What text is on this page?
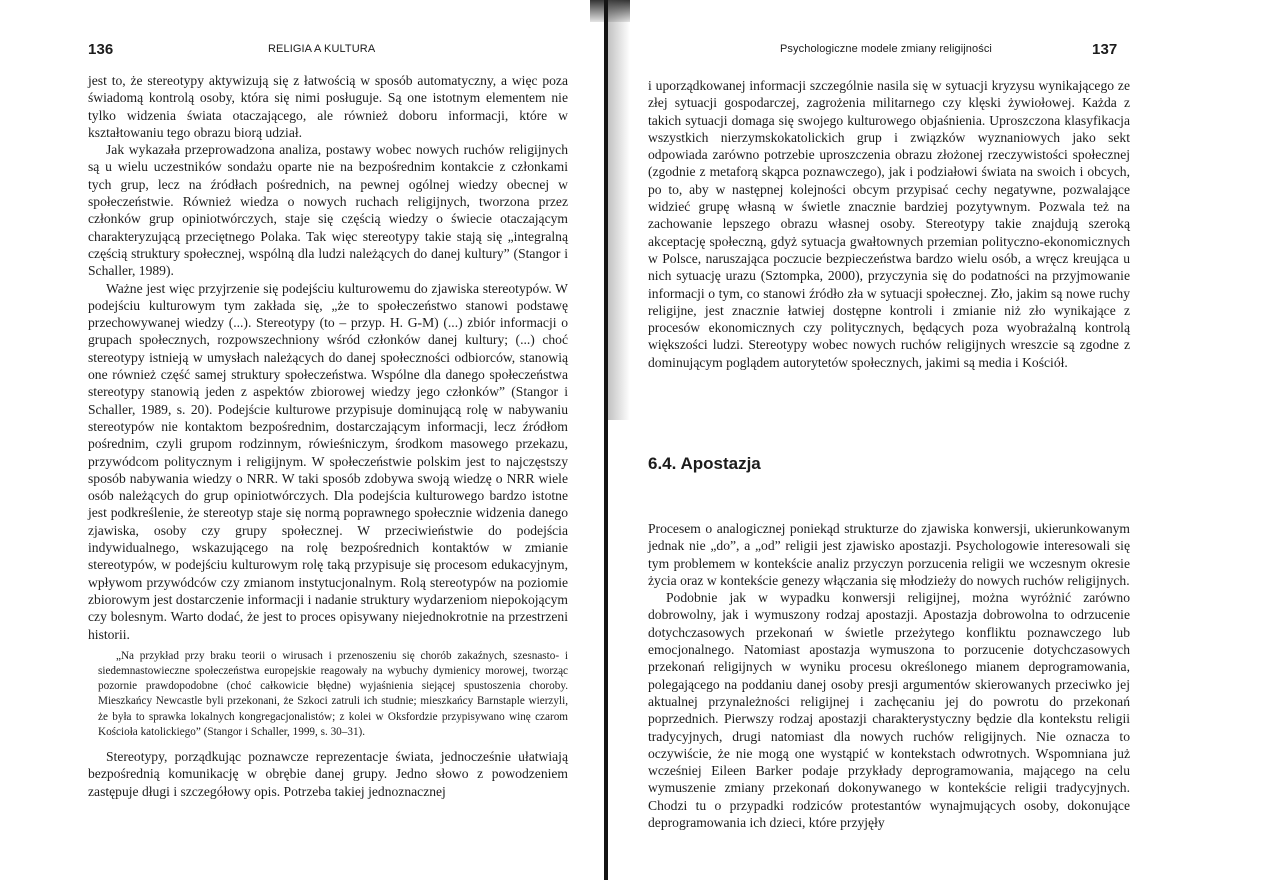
136	RELIGIA A KULTURA

jest to, że stereotypy aktywizują się z łatwością w sposób automatyczny, a więc poza świadomą kontrolą osoby, która się nimi posługuje. Są one istotnym elementem nie tylko widzenia świata otaczającego, ale również doboru informacji, które w kształtowaniu tego obrazu biorą udział.

Jak wykazała przeprowadzona analiza, postawy wobec nowych ruchów religijnych są u wielu uczestników sondażu oparte nie na bezpośrednim kontakcie z członkami tych grup, lecz na źródłach pośrednich, na pewnej ogólnej wiedzy obecnej w społeczeństwie. Również wiedza o nowych ruchach religijnych, tworzona przez członków grup opiniotwórczych, staje się częścią wiedzy o świecie otaczającym charakteryzującą przeciętnego Polaka. Tak więc stereotypy takie stają się „integralną częścią struktury społecznej, wspólną dla ludzi należących do danej kultury” (Stangor i Schaller, 1989).

Ważne jest więc przyjrzenie się podejściu kulturowemu do zjawiska stereotypów. W podejściu kulturowym tym zakłada się, „że to społeczeństwo stanowi podstawę przechowywanej wiedzy (...). Stereotypy (to – przyp. H. G-M) (...) zbiór informacji o grupach społecznych, rozpowszechniony wśród członków danej kultury; (...) choć stereotypy istnieją w umysłach należących do danej społeczności odbiorców, stanowią one również część samej struktury społeczeństwa. Wspólne dla danego społeczeństwa stereotypy stanowią jeden z aspektów zbiorowej wiedzy jego członków” (Stangor i Schaller, 1989, s. 20). Podejście kulturowe przypisuje dominującą rolę w nabywaniu stereotypów nie kontaktom bezpośrednim, dostarczającym informacji, lecz źródłom pośrednim, czyli grupom rodzinnym, rówieśniczym, środkom masowego przekazu, przywódcom politycznym i religijnym. W społeczeństwie polskim jest to najczęstszy sposób nabywania wiedzy o NRR. W taki sposób zdobywa swoją wiedzę o NRR wiele osób należących do grup opiniotwórczych. Dla podejścia kulturowego bardzo istotne jest podkreślenie, że stereotyp staje się normą poprawnego społecznie widzenia danego zjawiska, osoby czy grupy społecznej. W przeciwieństwie do podejścia indywidualnego, wskazującego na rolę bezpośrednich kontaktów w zmianie stereotypów, w podejściu kulturowym rolę taką przypisuje się procesom edukacyjnym, wpływom przywódców czy zmianom instytucjonalnym. Rolą stereotypów na poziomie zbiorowym jest dostarczenie informacji i nadanie struktury wydarzeniom niepokojącym czy bolesnym. Warto dodać, że jest to proces opisywany niejednokrotnie na przestrzeni historii.

„Na przykład przy braku teorii o wirusach i przenoszeniu się chorób zakaźnych, szesnasto- i siedemnastowieczne społeczeństwa europejskie reagowały na wybuchy dymienicy morowej, tworząc pozornie prawdopodobne (choć całkowicie błędne) wyjaśnienia siejącej spustoszenia choroby. Mieszkańcy Newcastle byli przekonani, że Szkoci zatruli ich studnie; mieszkańcy Barnstaple wierzyli, że była to sprawka lokalnych kongregacjonalistów; z kolei w Oksfordzie przypisywano winę czarom Kościoła katolickiego” (Stangor i Schaller, 1999, s. 30–31).

Stereotypy, porządkując poznawcze reprezentacje świata, jednocześnie ułatwiają bezpośrednią komunikację w obrębie danej grupy. Jedno słowo z powodzeniem zastępuje długi i szczegółowy opis. Potrzeba takiej jednoznacznej

Psychologiczne modele zmiany religijności	137

i uporządkowanej informacji szczególnie nasila się w sytuacji kryzysu wynikającego ze złej sytuacji gospodarczej, zagrożenia militarnego czy klęski żywiołowej. Każda z takich sytuacji domaga się swojego kulturowego objaśnienia. Uproszczona klasyfikacja wszystkich nierzymskokatolickich grup i związków wyznaniowych jako sekt odpowiada zarówno potrzebie uproszczenia obrazu złożonej rzeczywistości społecznej (zgodnie z metaforą skąpca poznawczego), jak i podziałowi świata na swoich i obcych, po to, aby w następnej kolejności obcym przypisać cechy negatywne, pozwalające widzieć grupę własną w świetle znacznie bardziej pozytywnym. Pozwala też na zachowanie lepszego obrazu własnej osoby. Stereotypy takie znajdują szeroką akceptację społeczną, gdyż sytuacja gwałtownych przemian polityczno-ekonomicznych w Polsce, naruszająca poczucie bezpieczeństwa bardzo wielu osób, a wręcz kreująca u nich sytuację urazu (Sztompka, 2000), przyczynia się do podatności na przyjmowanie informacji o tym, co stanowi źródło zła w sytuacji społecznej. Zło, jakim są nowe ruchy religijne, jest znacznie łatwiej dostępne kontroli i zmianie niż zło wynikające z procesów ekonomicznych czy politycznych, będących poza wyobrażalną kontrolą większości ludzi. Stereotypy wobec nowych ruchów religijnych wreszcie są zgodne z dominującym poglądem autorytetów społecznych, jakimi są media i Kościół.

6.4. Apostazja

Procesem o analogicznej poniekąd strukturze do zjawiska konwersji, ukierunkowanym jednak nie „do”, a „od” religii jest zjawisko apostazji. Psychologowie interesowali się tym problemem w kontekście analiz przyczyn porzucenia religii we wczesnym okresie życia oraz w kontekście genezy włączania się młodzieży do nowych ruchów religijnych.

Podobnie jak w wypadku konwersji religijnej, można wyróżnić zarówno dobrowolny, jak i wymuszony rodzaj apostazji. Apostazja dobrowolna to odrzucenie dotychczasowych przekonań w świetle przeżytego konfliktu poznawczego lub emocjonalnego. Natomiast apostazja wymuszona to porzucenie dotychczasowych przekonań religijnych w wyniku procesu określonego mianem deprogramowania, polegającego na poddaniu danej osoby presji argumentów skierowanych przeciwko jej aktualnej przynależności religijnej i zachęcaniu jej do powrotu do przekonań poprzednich. Pierwszy rodzaj apostazji charakterystyczny będzie dla kontekstu religii tradycyjnych, drugi natomiast dla nowych ruchów religijnych. Nie oznacza to oczywiście, że nie mogą one wystąpić w kontekstach odwrotnych. Wspomniana już wcześniej Eileen Barker podaje przykłady deprogramowania, mającego na celu wymuszenie zmiany przekonań dokonywanego w kontekście religii tradycyjnych. Chodzi tu o przypadki rodziców protestantów wynajmujących osoby, dokonujące deprogramowania ich dzieci, które przyjęły
